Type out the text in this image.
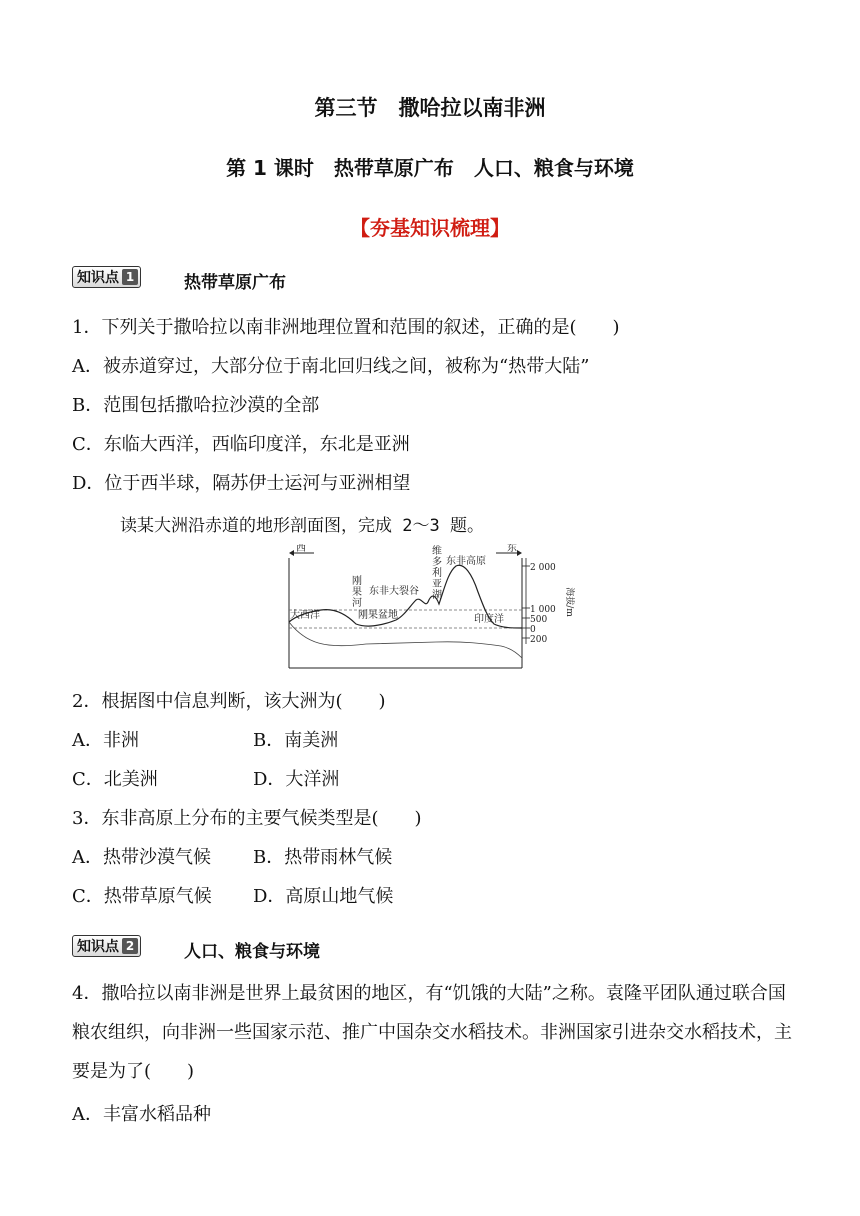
第三节　撒哈拉以南非洲
第 1 课时　热带草原广布　人口、粮食与环境
【夯基知识梳理】
知识点 1	热带草原广布
1．下列关于撒哈拉以南非洲地理位置和范围的叙述，正确的是(　　)
A．被赤道穿过，大部分位于南北回归线之间，被称为“热带大陆”
B．范围包括撒哈拉沙漠的全部
C．东临大西洋，西临印度洋，东北是亚洲
D．位于西半球，隔苏伊士运河与亚洲相望
读某大洲沿赤道的地形剖面图，完成 2～3 题。
西	东
大西洋	印度洋
刚果盆地
东非大裂谷
东非高原
刚果河
维多利亚湖
2 000
1 000
500
0
200
海拔/m
2．根据图中信息判断，该大洲为(　　)
A．非洲	B．南美洲
C．北美洲	D．大洋洲
3．东非高原上分布的主要气候类型是(　　)
A．热带沙漠气候 B．热带雨林气候
C．热带草原气候 D．高原山地气候
知识点 2	人口、粮食与环境
4．撒哈拉以南非洲是世界上最贫困的地区，有“饥饿的大陆”之称。袁隆平团队通过联合国粮农组织，向非洲一些国家示范、推广中国杂交水稻技术。非洲国家引进杂交水稻技术，主要是为了(　　)
A．丰富水稻品种
